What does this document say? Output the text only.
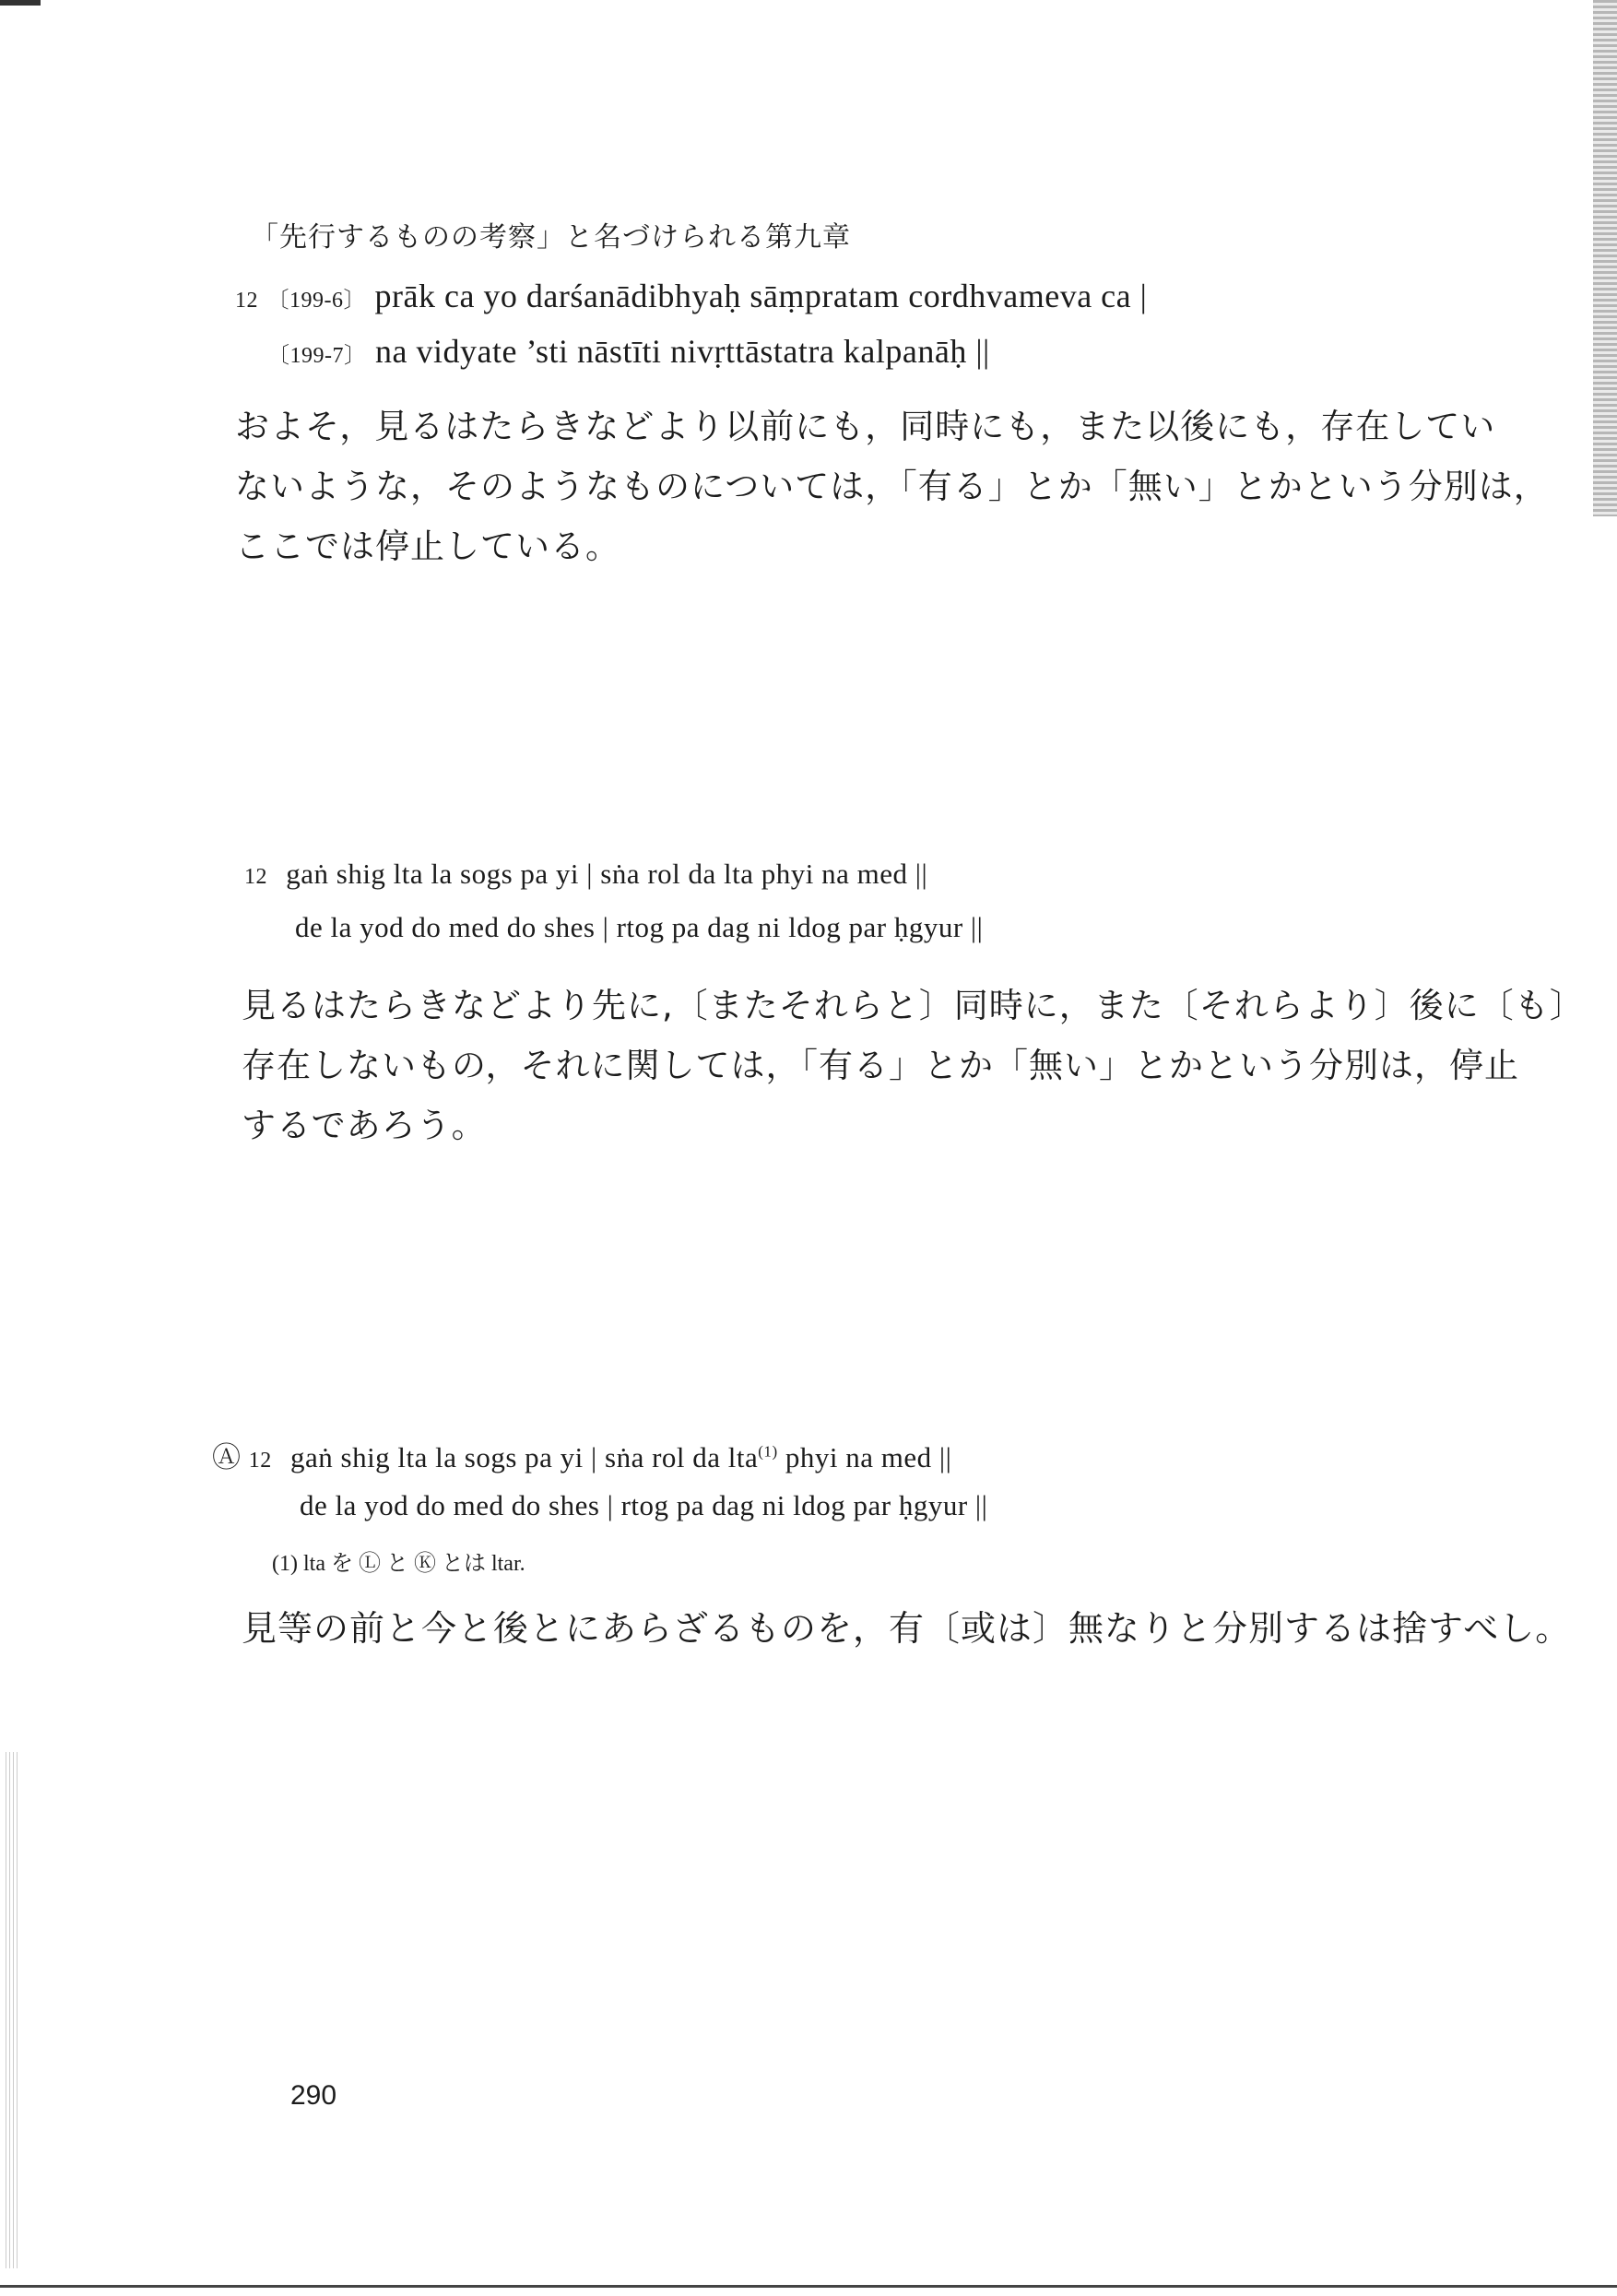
「先行するものの考察」と名づけられる第九章
12 〔199-6〕 prāk ca yo darśanādibhyaḥ sāṃpratam cordhvameva ca |
〔199-7〕 na vidyate ’sti nāstīti nivṛttāstatra kalpanāḥ ||
およそ，見るはたらきなどより以前にも，同時にも，また以後にも，存在してい
ないような，そのようなものについては，「有る」とか「無い」とかという分別は，
ここでは停止している。
12 gaṅ shig lta la sogs pa yi | sṅa rol da lta phyi na med ||
de la yod do med do shes | rtog pa dag ni ldog par ḥgyur ||
見るはたらきなどより先に,〔またそれらと〕同時に，また〔それらより〕後に〔も〕
存在しないもの，それに関しては，「有る」とか「無い」とかという分別は，停止
するであろう。
Ⓐ 12 gaṅ shig lta la sogs pa yi | sṅa rol da lta$^{(1)}$ phyi na med ||
de la yod do med do shes | rtog pa dag ni ldog par ḥgyur ||
(1) lta を Ⓛ と Ⓚ とは ltar.
見等の前と今と後とにあらざるものを，有〔或は〕無なりと分別するは捨すべし。
290
